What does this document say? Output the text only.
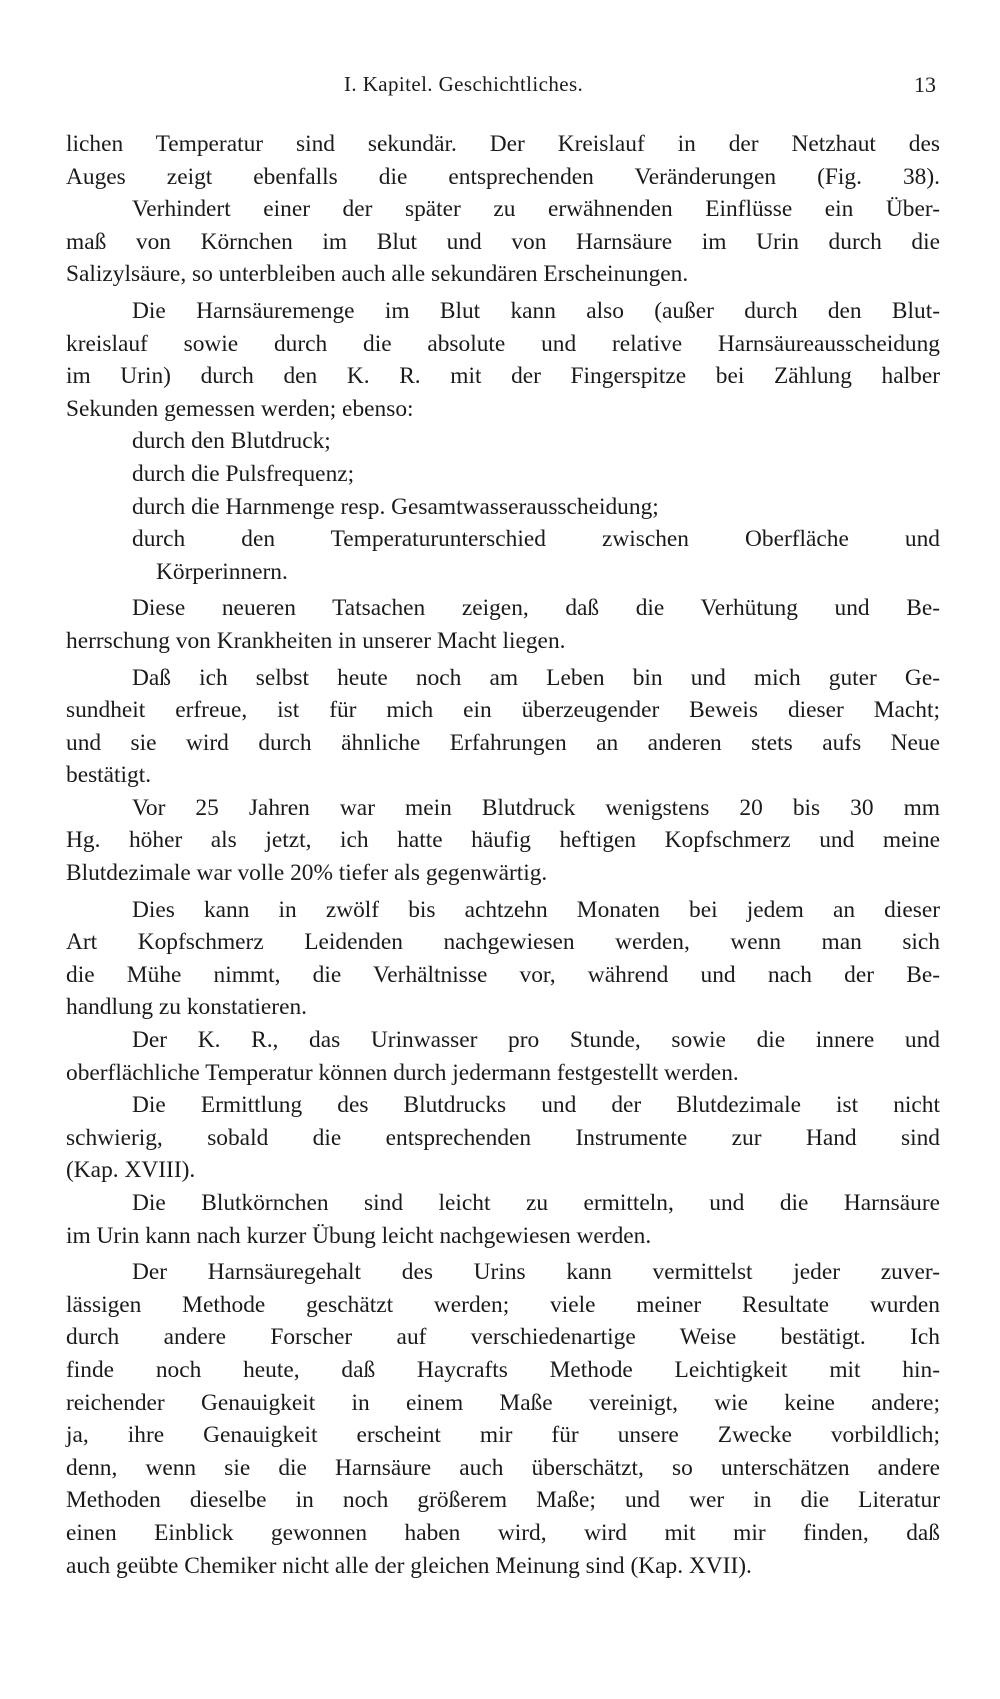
I. Kapitel. Geschichtliches.	13
lichen Temperatur sind sekundär. Der Kreislauf in der Netzhaut des
Auges zeigt ebenfalls die entsprechenden Veränderungen (Fig. 38).
Verhindert einer der später zu erwähnenden Einflüsse ein Über-
maß von Körnchen im Blut und von Harnsäure im Urin durch die
Salizylsäure, so unterbleiben auch alle sekundären Erscheinungen.
Die Harnsäuremenge im Blut kann also (außer durch den Blut-
kreislauf sowie durch die absolute und relative Harnsäureausscheidung
im Urin) durch den K. R. mit der Fingerspitze bei Zählung halber
Sekunden gemessen werden; ebenso:
durch den Blutdruck;
durch die Pulsfrequenz;
durch die Harnmenge resp. Gesamtwasserausscheidung;
durch den Temperaturunterschied zwischen Oberfläche und
Körperinnern.
Diese neueren Tatsachen zeigen, daß die Verhütung und Be-
herrschung von Krankheiten in unserer Macht liegen.
Daß ich selbst heute noch am Leben bin und mich guter Ge-
sundheit erfreue, ist für mich ein überzeugender Beweis dieser Macht;
und sie wird durch ähnliche Erfahrungen an anderen stets aufs Neue
bestätigt.
Vor 25 Jahren war mein Blutdruck wenigstens 20 bis 30 mm
Hg. höher als jetzt, ich hatte häufig heftigen Kopfschmerz und meine
Blutdezimale war volle 20% tiefer als gegenwärtig.
Dies kann in zwölf bis achtzehn Monaten bei jedem an dieser
Art Kopfschmerz Leidenden nachgewiesen werden, wenn man sich
die Mühe nimmt, die Verhältnisse vor, während und nach der Be-
handlung zu konstatieren.
Der K. R., das Urinwasser pro Stunde, sowie die innere und
oberflächliche Temperatur können durch jedermann festgestellt werden.
Die Ermittlung des Blutdrucks und der Blutdezimale ist nicht
schwierig, sobald die entsprechenden Instrumente zur Hand sind
(Kap. XVIII).
Die Blutkörnchen sind leicht zu ermitteln, und die Harnsäure
im Urin kann nach kurzer Übung leicht nachgewiesen werden.
Der Harnsäuregehalt des Urins kann vermittelst jeder zuver-
lässigen Methode geschätzt werden; viele meiner Resultate wurden
durch andere Forscher auf verschiedenartige Weise bestätigt. Ich
finde noch heute, daß Haycrafts Methode Leichtigkeit mit hin-
reichender Genauigkeit in einem Maße vereinigt, wie keine andere;
ja, ihre Genauigkeit erscheint mir für unsere Zwecke vorbildlich;
denn, wenn sie die Harnsäure auch überschätzt, so unterschätzen andere
Methoden dieselbe in noch größerem Maße; und wer in die Literatur
einen Einblick gewonnen haben wird, wird mit mir finden, daß
auch geübte Chemiker nicht alle der gleichen Meinung sind (Kap. XVII).
